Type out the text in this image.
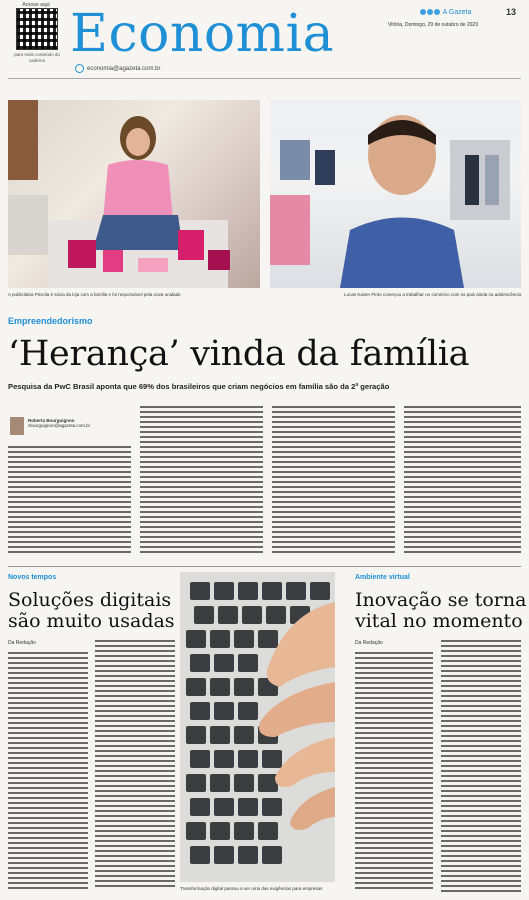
Acesse aqui
para mais conteúdo do caderno Economia
economia@agazeta.com.br
A Gazeta	13
Vitória, Domingo, 29 de outubro de 2023
A publicitária Priscila é sócia da loja com a família e foi responsável pela nova unidade	Lucas Kaiser Pinto começou a trabalhar no comércio com os pais ainda na adolescência
Empreendedorismo
‘Herança’ vinda da família
Pesquisa da PwC Brasil aponta que 69% dos brasileiros que criam negócios em família são da 2ª geração
Roberta Bourguignon
rbourguignon@agazeta.com.br
Novos tempos
Soluções digitais
são muito usadas
Da Redação
Transformação digital passou a ser uma das exigências para empresas
Ambiente virtual
Inovação se torna
vital no momento
Da Redação
